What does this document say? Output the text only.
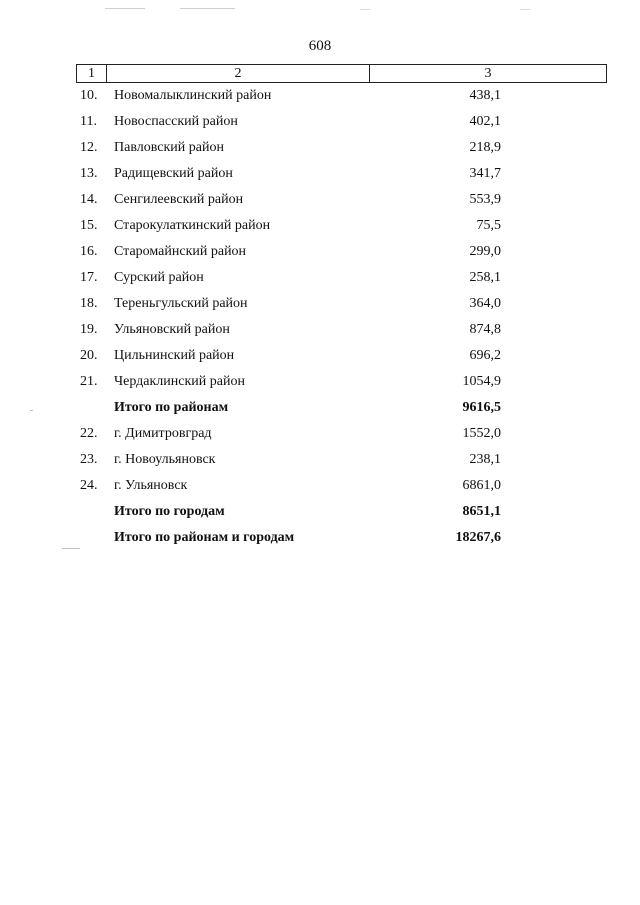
608
1	2	3
10. Новомалыклинский район	438,1
11. Новоспасский район	402,1
12. Павловский район	218,9
13. Радищевский район	341,7
14. Сенгилеевский район	553,9
15. Старокулаткинский район	75,5
16. Старомайнский район	299,0
17. Сурский район	258,1
18. Тереньгульский район	364,0
19. Ульяновский район	874,8
20. Цильнинский район	696,2
21. Чердаклинский район	1054,9
Итого по районам	9616,5
22. г. Димитровград	1552,0
23. г. Новоульяновск	238,1
24. г. Ульяновск	6861,0
Итого по городам	8651,1
Итого по районам и городам	18267,6
